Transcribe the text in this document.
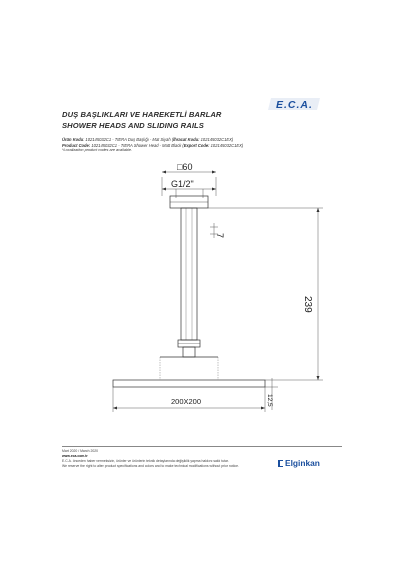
DUŞ BAŞLIKLARI VE HAREKETLİ BARLAR
SHOWER HEADS AND SLIDING RAILS
E.C.A.
Ürün Kodu: 102145032C1 - TIERA Duş Başlığı - Mat Siyah (İhracat Kodu: 102145032C1EX)
Product Code: 102145032C1 - TIERA Shower Head - Matt Black (Export Code: 102145032C1EX)
*Localization product codes are available.
□60
G1/2"
7
239
200X200	12,5
Mart 2020 / March 2020
www.eca.com.tr
E.C.A. önceden haber vermeksizin, ürünler ve ürünlerin teknik detaylarında değişiklik yapma hakkını saklı tutar.
We reserve the right to alter product specifications and colors and to make technical modifications without prior notice.	Elginkan
